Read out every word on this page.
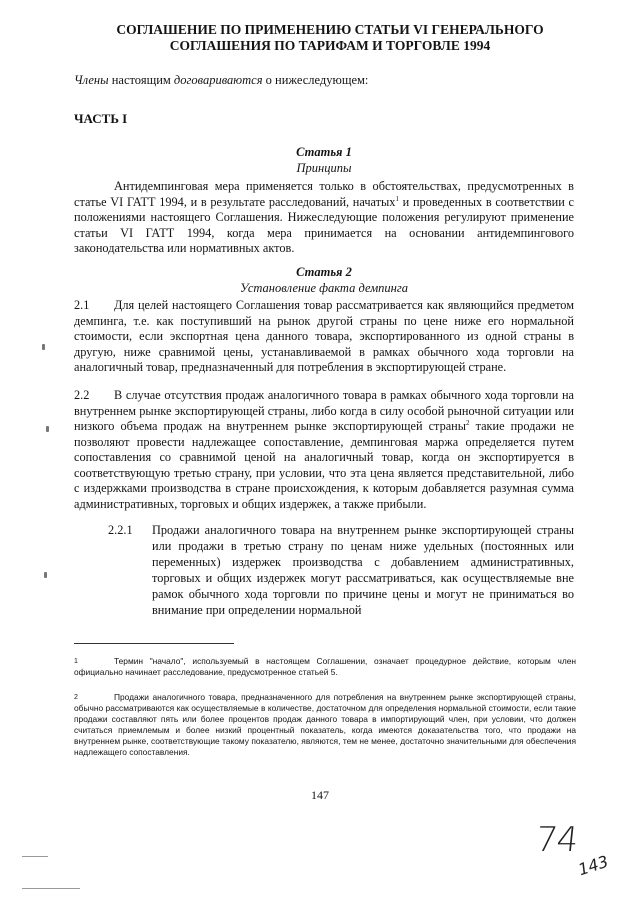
СОГЛАШЕНИЕ ПО ПРИМЕНЕНИЮ СТАТЬИ VI ГЕНЕРАЛЬНОГО
СОГЛАШЕНИЯ ПО ТАРИФАМ И ТОРГОВЛЕ 1994
Члены настоящим договариваются о нижеследующем:
ЧАСТЬ I
Статья 1
Принципы
Антидемпинговая мера применяется только в обстоятельствах, предусмотренных в статье VI ГАТТ 1994, и в результате расследований, начатых$^1$ и проведенных в соответствии с положениями настоящего Соглашения. Нижеследующие положения регулируют применение статьи VI ГАТТ 1994, когда мера принимается на основании антидемпингового законодательства или нормативных актов.
Статья 2
Установление факта демпинга
2.1 Для целей настоящего Соглашения товар рассматривается как являющийся предметом демпинга, т.е. как поступивший на рынок другой страны по цене ниже его нормальной стоимости, если экспортная цена данного товара, экспортированного из одной страны в другую, ниже сравнимой цены, устанавливаемой в рамках обычного хода торговли на аналогичный товар, предназначенный для потребления в экспортирующей стране.
2.2 В случае отсутствия продаж аналогичного товара в рамках обычного хода торговли на внутреннем рынке экспортирующей страны, либо когда в силу особой рыночной ситуации или низкого объема продаж на внутреннем рынке экспортирующей страны$^2$ такие продажи не позволяют провести надлежащее сопоставление, демпинговая маржа определяется путем сопоставления со сравнимой ценой на аналогичный товар, когда он экспортируется в соответствующую третью страну, при условии, что эта цена является представительной, либо с издержками производства в стране происхождения, к которым добавляется разумная сумма административных, торговых и общих издержек, а также прибыли.
2.2.1 Продажи аналогичного товара на внутреннем рынке экспортирующей страны или продажи в третью страну по ценам ниже удельных (постоянных или переменных) издержек производства с добавлением административных, торговых и общих издержек могут рассматриваться, как осуществляемые вне рамок обычного хода торговли по причине цены и могут не приниматься во внимание при определении нормальной
1	Термин "начало", используемый в настоящем Соглашении, означает процедурное действие, которым член официально начинает расследование, предусмотренное статьей 5.
2	Продажи аналогичного товара, предназначенного для потребления на внутреннем рынке экспортирующей страны, обычно рассматриваются как осуществляемые в количестве, достаточном для определения нормальной стоимости, если такие продажи составляют пять или более процентов продаж данного товара в импортирующий член, при условии, что должен считаться приемлемым и более низкий процентный показатель, когда имеются доказательства того, что продажи на внутреннем рынке, соответствующие такому показателю, являются, тем не менее, достаточно значительными для обеспечения надлежащего сопоставления.
147
74
143
